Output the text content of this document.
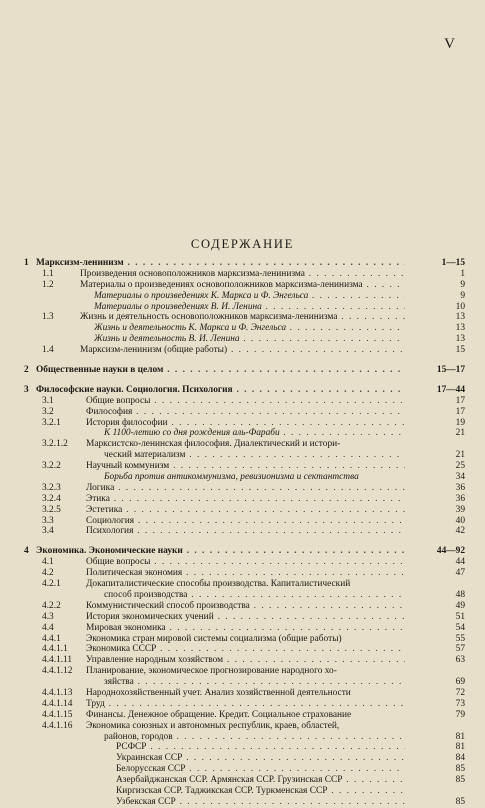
V
СОДЕРЖАНИЕ
1 Марксизм-ленинизм . . .	1—15
1.1	Произведения основоположников марксизма-ленинизма . . .	1
1.2	Материалы о произведениях основоположников марксизма-ленинизма . . .	9
Материалы о произведениях К. Маркса и Ф. Энгельса . . .	9
Материалы о произведениях В. И. Ленина . . .	10
1.3	Жизнь и деятельность основоположников марксизма-ленинизма . . .	13
Жизнь и деятельность К. Маркса и Ф. Энгельса . . .	13
Жизнь и деятельность В. И. Ленина . . .	13
1.4	Марксизм-ленинизм (общие работы) . . .	15
2 Общественные науки в целом . . .	15—17
3 Философские науки. Социология. Психология . . .	17—44
3.1	Общие вопросы . . .	17
3.2	Философия . . .	17
3.2.1	История философии . . .	19
К 1100-летию со дня рождения аль-Фараби . . .	21
3.2.1.2 Марксистско-ленинская философия. Диалектический и истори-
ческий материализм . . .	21
3.2.2	Научный коммунизм . . .	25
Борьба против антикоммунизма, ревизионизма и сектантства	34
3.2.3	Логика . . .	36
3.2.4	Этика . . .	36
3.2.5	Эстетика . . .	39
3.3	Социология . . .	40
3.4	Психология . . .	42
4 Экономика. Экономические науки . . .	44—92
4.1	Общие вопросы . . .	44
4.2	Политическая экономия . . .	47
4.2.1	Докапиталистические способы производства. Капиталистический
способ производства . . .	48
4.2.2	Коммунистический способ производства . . .	49
4.3	История экономических учений . . .	51
4.4	Мировая экономика . . .	54
4.4.1	Экономика стран мировой системы социализма (общие работы)	55
4.4.1.1 Экономика СССР . . .	57
4.4.1.11 Управление народным хозяйством . . .	63
4.4.1.12 Планирование, экономическое прогнозирование народного хо-
зяйства . . .	69
4.4.1.13 Народнохозяйственный учет. Анализ хозяйственной деятельности	72
4.4.1.14 Труд . . .	73
4.4.1.15 Финансы. Денежное обращение. Кредит. Социальное страхование	79
4.4.1.16 Экономика союзных и автономных республик, краев, областей,
районов, городов . . .	81
РСФСР . . .	81
Украинская ССР . . .	84
Белорусская ССР . . .	85
Азербайджанская ССР. Армянская ССР. Грузинская ССР . . .	85
Киргизская ССР. Таджикская ССР. Туркменская ССР . . .
Узбекская ССР . . .	85
